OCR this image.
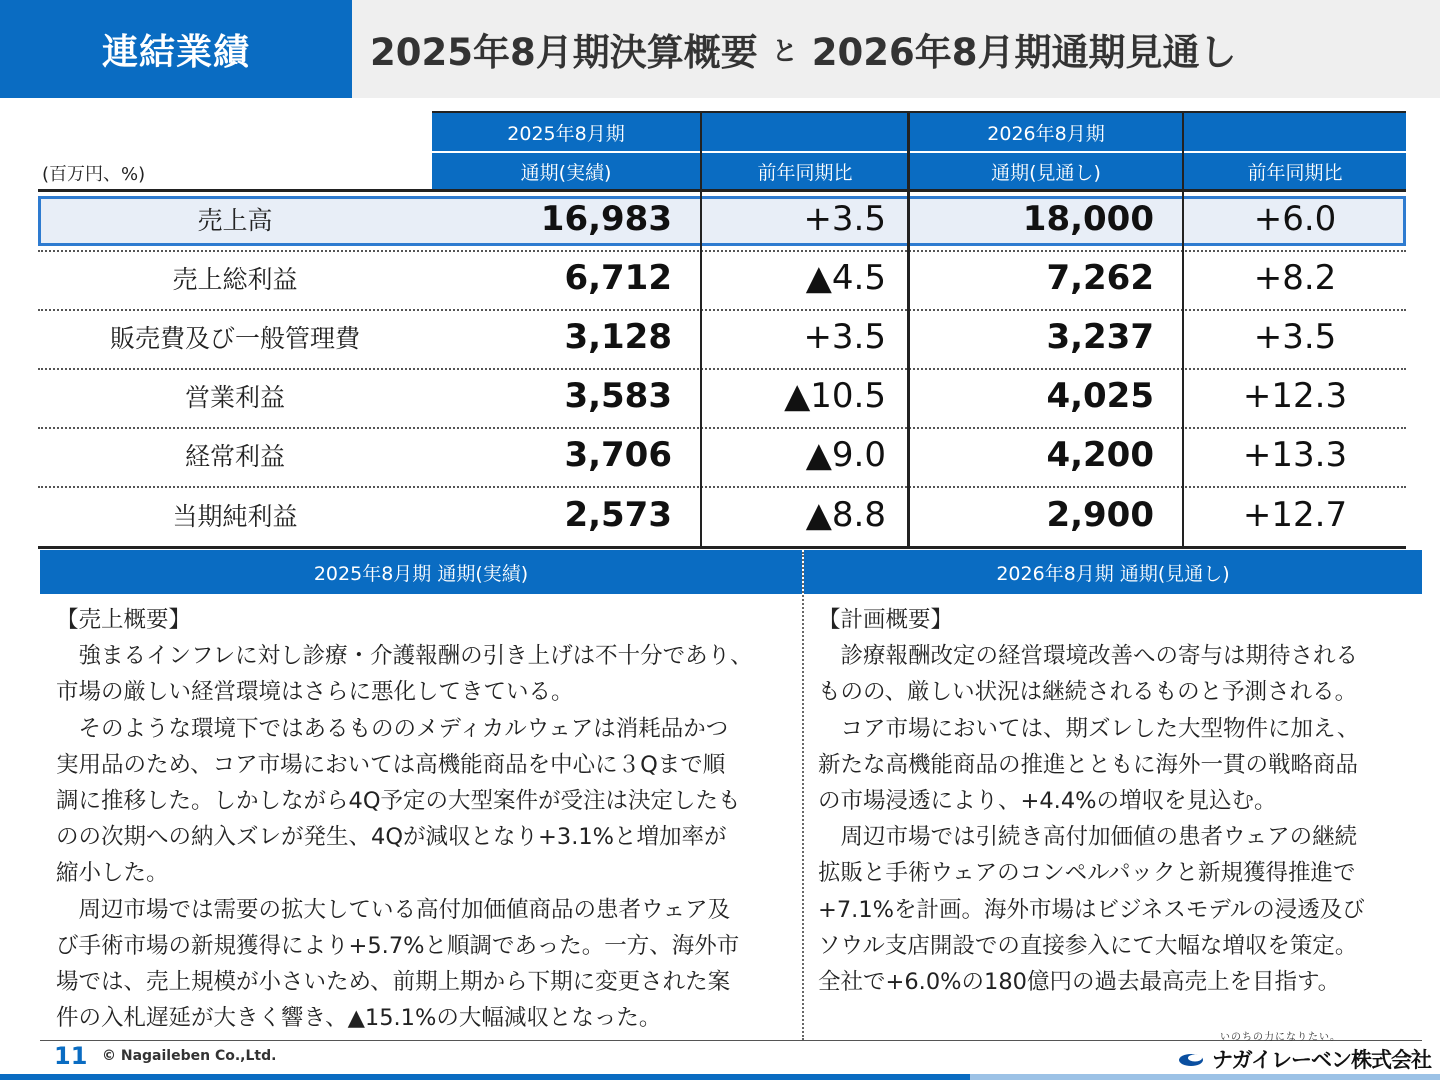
連結業績	2025年8月期決算概要 と 2026年8月期通期見通し
(百万円、%)
2025年8月期	2026年8月期
通期(実績)	前年同期比	通期(見通し)	前年同期比
売上高	16,983	+3.5	18,000	+6.0
売上総利益	6,712	▲4.5	7,262	+8.2
販売費及び一般管理費	3,128	+3.5	3,237	+3.5
営業利益	3,583	▲10.5	4,025	+12.3
経常利益	3,706	▲9.0	4,200	+13.3
当期純利益	2,573	▲8.8	2,900	+12.7
2025年8月期 通期(実績)	2026年8月期 通期(見通し)

【売上概要】

　強まるインフレに対し診療・介護報酬の引き上げは不十分であり、

市場の厳しい経営環境はさらに悪化してきている。

　そのような環境下ではあるもののメディカルウェアは消耗品かつ

実用品のため、コア市場においては高機能商品を中心に３Qまで順

調に推移した。しかしながら4Q予定の大型案件が受注は決定したも

のの次期への納入ズレが発生、4Qが減収となり+3.1%と増加率が

縮小した。

　周辺市場では需要の拡大している高付加価値商品の患者ウェア及

び手術市場の新規獲得により+5.7%と順調であった。一方、海外市

場では、売上規模が小さいため、前期上期から下期に変更された案

件の入札遅延が大きく響き、▲15.1%の大幅減収となった。

【計画概要】

　診療報酬改定の経営環境改善への寄与は期待される

ものの、厳しい状況は継続されるものと予測される。

　コア市場においては、期ズレした大型物件に加え、

新たな高機能商品の推進とともに海外一貫の戦略商品

の市場浸透により、+4.4%の増収を見込む。

　周辺市場では引続き高付加価値の患者ウェアの継続

拡販と手術ウェアのコンペルパックと新規獲得推進で

+7.1%を計画。海外市場はビジネスモデルの浸透及び

ソウル支店開設での直接参入にて大幅な増収を策定。

全社で+6.0%の180億円の過去最高売上を目指す。

11 © Nagaileben Co.,Ltd.
いのちの力になりたい。
ナガイレーベン株式会社
